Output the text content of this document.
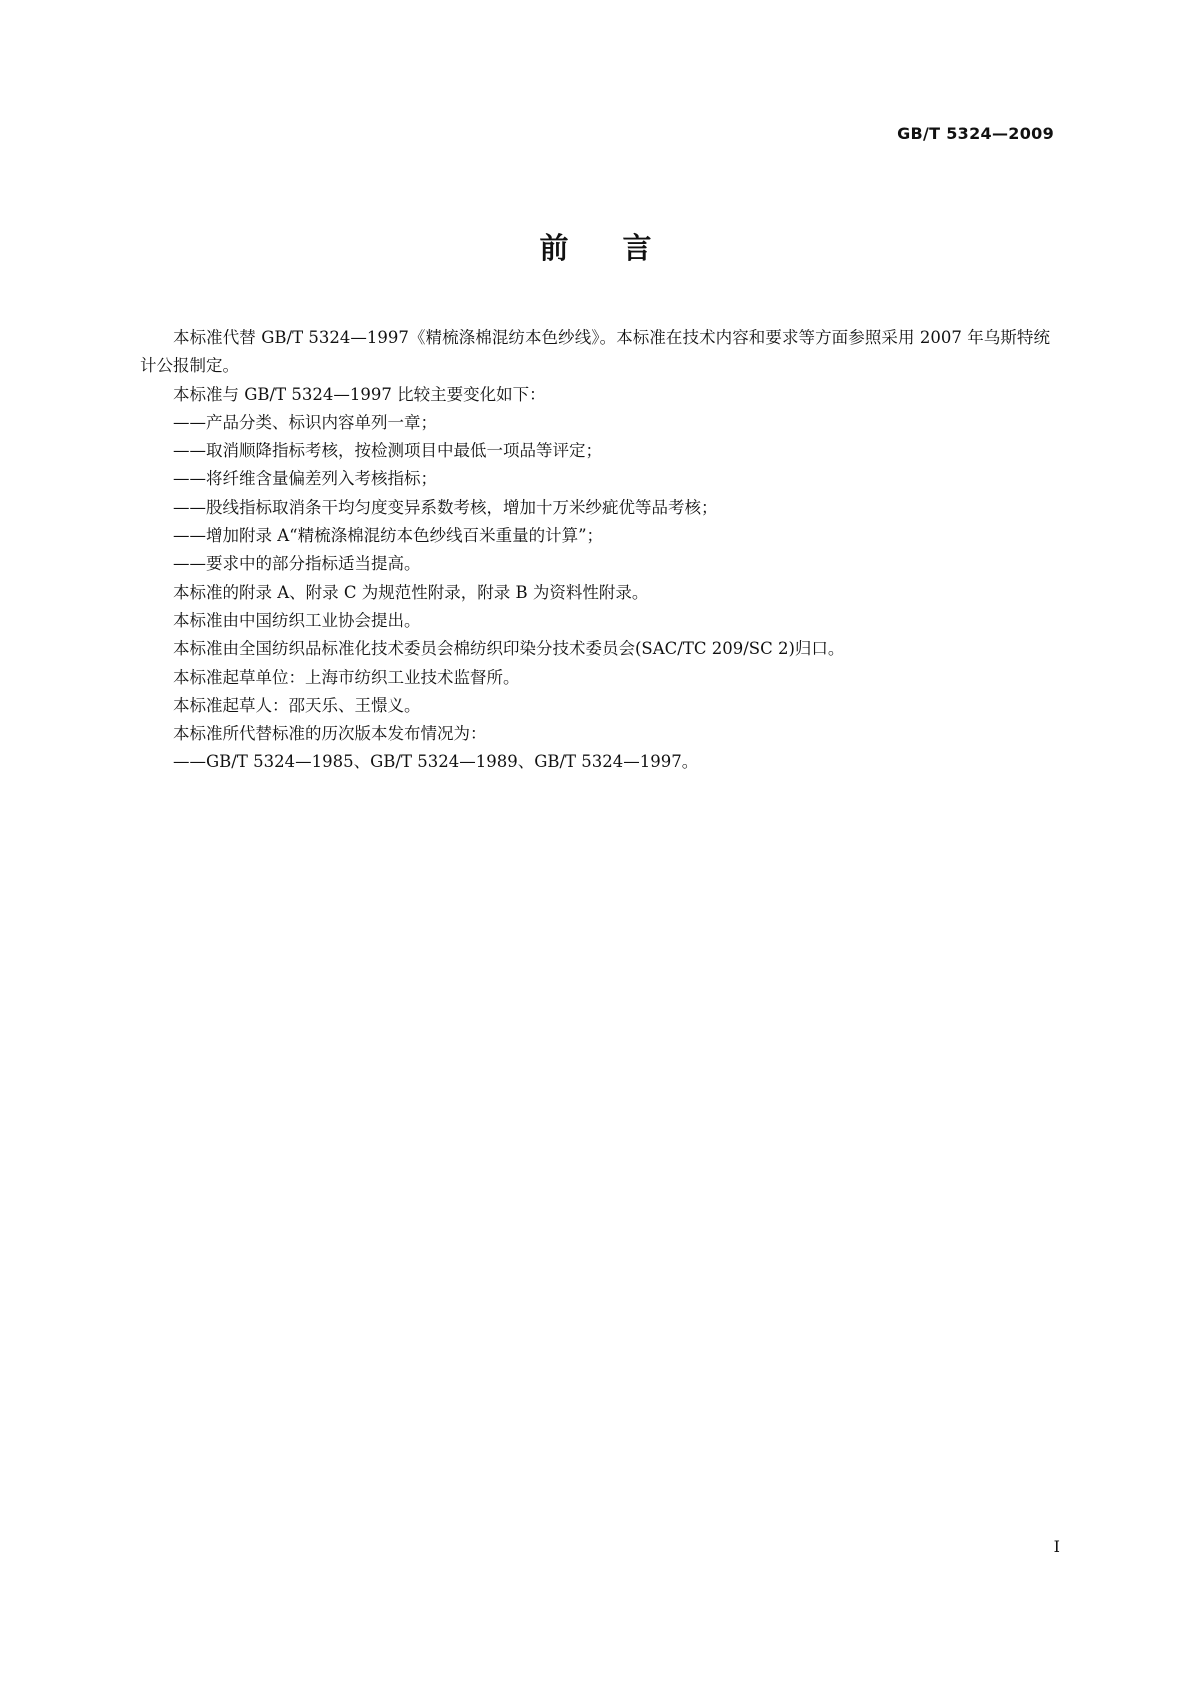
GB/T 5324—2009
前言

本标准代替 GB/T 5324—1997《精梳涤棉混纺本色纱线》。本标准在技术内容和要求等方面参照采用 2007 年乌斯特统计公报制定。

本标准与 GB/T 5324—1997 比较主要变化如下：

——产品分类、标识内容单列一章；

——取消顺降指标考核，按检测项目中最低一项品等评定；

——将纤维含量偏差列入考核指标；

——股线指标取消条干均匀度变异系数考核，增加十万米纱疵优等品考核；

——增加附录 A“精梳涤棉混纺本色纱线百米重量的计算”；

——要求中的部分指标适当提高。

本标准的附录 A、附录 C 为规范性附录，附录 B 为资料性附录。

本标准由中国纺织工业协会提出。

本标准由全国纺织品标准化技术委员会棉纺织印染分技术委员会(SAC/TC 209/SC 2)归口。

本标准起草单位：上海市纺织工业技术监督所。

本标准起草人：邵天乐、王憬义。

本标准所代替标准的历次版本发布情况为：

——GB/T 5324—1985、GB/T 5324—1989、GB/T 5324—1997。

I
